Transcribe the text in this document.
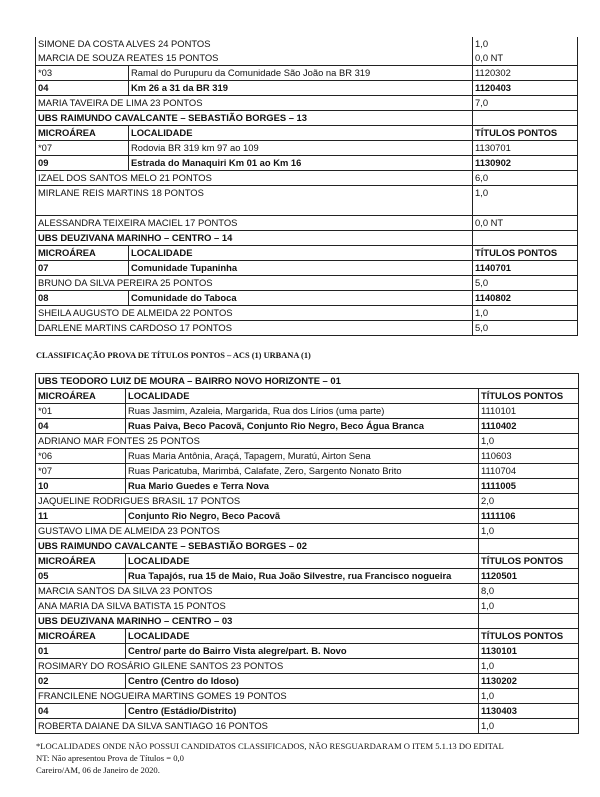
SIMONE DA COSTA ALVES 24 PONTOS		1,0
MARCIA DE SOUZA REATES 15 PONTOS		0,0 NT
*03	Ramal do Purupuru da Comunidade São João na BR 319	1120302
04	Km 26 a 31 da BR 319	1120403
MARIA TAVEIRA DE LIMA 23 PONTOS		7,0
UBS RAIMUNDO CAVALCANTE – SEBASTIÃO BORGES – 13		
MICROÁREA	LOCALIDADE	TÍTULOS PONTOS
*07	Rodovia BR 319 km 97 ao 109	1130701
09	Estrada do Manaquiri Km 01 ao Km 16	1130902
IZAEL DOS SANTOS MELO 21 PONTOS		6,0
MIRLANE REIS MARTINS 18 PONTOS		1,0
ALESSANDRA TEIXEIRA MACIEL 17 PONTOS		0,0 NT
UBS DEUZIVANA MARINHO – CENTRO – 14		
MICROÁREA	LOCALIDADE	TÍTULOS PONTOS
07	Comunidade Tupaninha	1140701
BRUNO DA SILVA PEREIRA 25 PONTOS		5,0
08	Comunidade do Taboca	1140802
SHEILA AUGUSTO DE ALMEIDA 22 PONTOS		1,0
DARLENE MARTINS CARDOSO 17 PONTOS		5,0
CLASSIFICAÇÃO PROVA DE TÍTULOS PONTOS – ACS (1) URBANA (1)
UBS TEODORO LUIZ DE MOURA – BAIRRO NOVO HORIZONTE – 01		
MICROÁREA	LOCALIDADE	TÍTULOS PONTOS
*01	Ruas Jasmim, Azaleia, Margarida, Rua dos Lírios (uma parte)	1110101
04	Ruas Paiva, Beco Pacovã, Conjunto Rio Negro, Beco Água Branca	1110402
ADRIANO MAR FONTES 25 PONTOS		1,0
*06	Ruas Maria Antônia, Araçá, Tapagem, Muratú, Airton Sena	110603
*07	Ruas Paricatuba, Marimbá, Calafate, Zero, Sargento Nonato Brito	1110704
10	Rua Mario Guedes e Terra Nova	1111005
JAQUELINE RODRIGUES BRASIL 17 PONTOS		2,0
11	Conjunto Rio Negro, Beco Pacovã	1111106
GUSTAVO LIMA DE ALMEIDA 23 PONTOS		1,0
UBS RAIMUNDO CAVALCANTE – SEBASTIÃO BORGES – 02		
MICROÁREA	LOCALIDADE	TÍTULOS PONTOS
05	Rua Tapajós, rua 15 de Maio, Rua João Silvestre, rua Francisco nogueira	1120501
MARCIA SANTOS DA SILVA 23 PONTOS		8,0
ANA MARIA DA SILVA BATISTA 15 PONTOS		1,0
UBS DEUZIVANA MARINHO – CENTRO – 03		
MICROÁREA	LOCALIDADE	TÍTULOS PONTOS
01	Centro/ parte do Bairro Vista alegre/part. B. Novo	1130101
ROSIMARY DO ROSÁRIO GILENE SANTOS 23 PONTOS		1,0
02	Centro (Centro do Idoso)	1130202
FRANCILENE NOGUEIRA MARTINS GOMES 19 PONTOS		1,0
04	Centro (Estádio/Distrito)	1130403
ROBERTA DAIANE DA SILVA SANTIAGO 16 PONTOS		1,0
*LOCALIDADES ONDE NÃO POSSUI CANDIDATOS CLASSIFICADOS, NÃO RESGUARDARAM O ITEM 5.1.13 DO EDITAL
NT: Não apresentou Prova de Títulos = 0,0
Careiro/AM, 06 de Janeiro de 2020.
